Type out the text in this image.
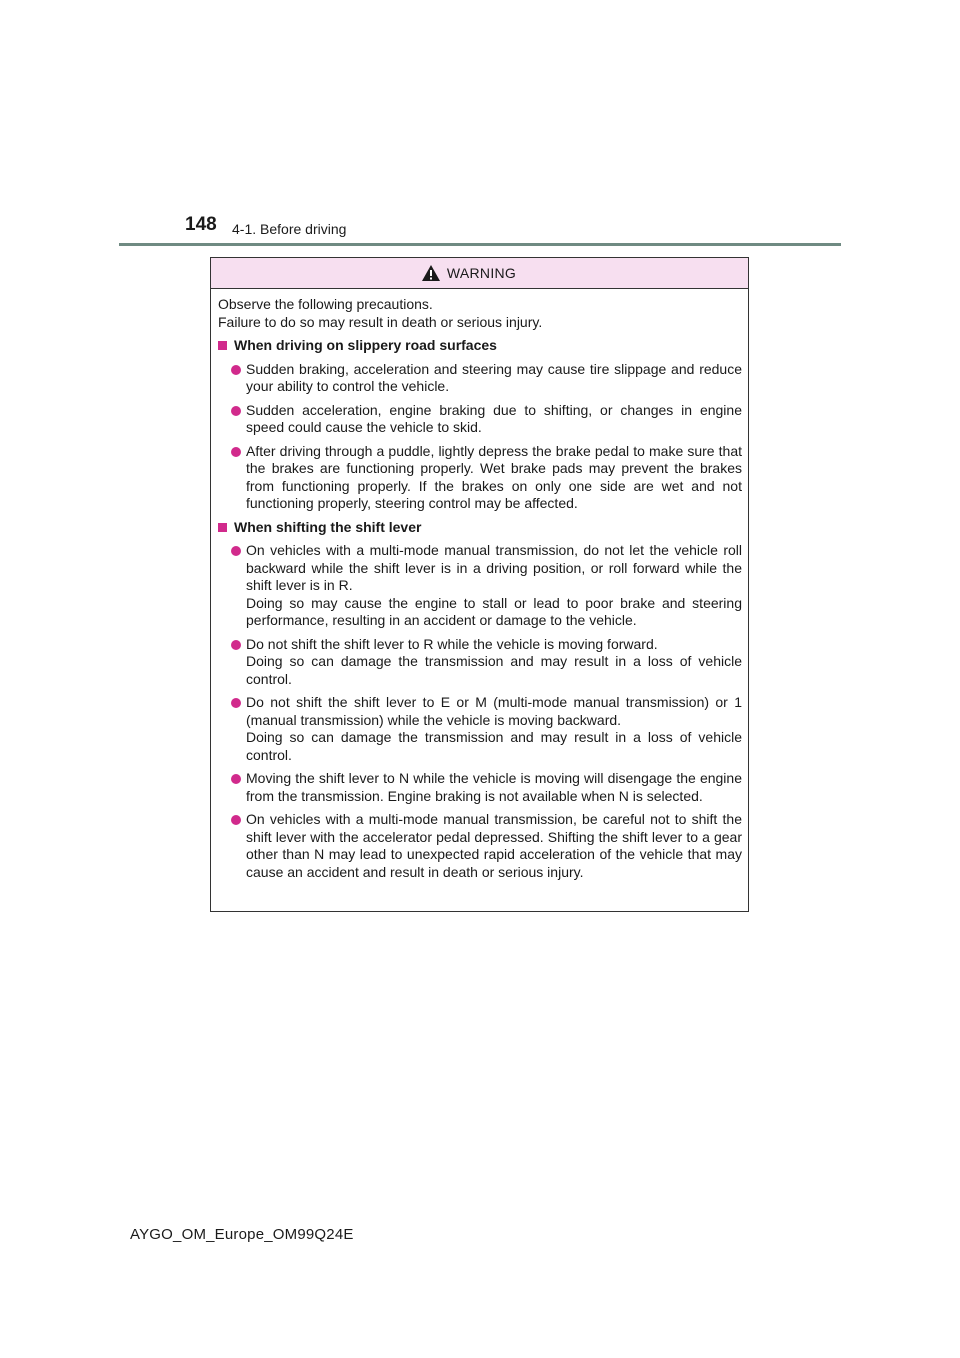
148 4-1. Before driving
WARNING

Observe the following precautions.

Failure to do so may result in death or serious injury.

When driving on slippery road surfaces

Sudden braking, acceleration and steering may cause tire slippage and reduce your ability to control the vehicle.

Sudden acceleration, engine braking due to shifting, or changes in engine speed could cause the vehicle to skid.

After driving through a puddle, lightly depress the brake pedal to make sure that the brakes are functioning properly. Wet brake pads may prevent the brakes from functioning properly. If the brakes on only one side are wet and not functioning properly, steering control may be affected.

When shifting the shift lever

On vehicles with a multi-mode manual transmission, do not let the vehicle roll backward while the shift lever is in a driving position, or roll forward while the shift lever is in R.

Doing so may cause the engine to stall or lead to poor brake and steering performance, resulting in an accident or damage to the vehicle.

Do not shift the shift lever to R while the vehicle is moving forward.

Doing so can damage the transmission and may result in a loss of vehicle control.

Do not shift the shift lever to E or M (multi-mode manual transmission) or 1 (manual transmission) while the vehicle is moving backward.

Doing so can damage the transmission and may result in a loss of vehicle control.

Moving the shift lever to N while the vehicle is moving will disengage the engine from the transmission. Engine braking is not available when N is selected.

On vehicles with a multi-mode manual transmission, be careful not to shift the shift lever with the accelerator pedal depressed. Shifting the shift lever to a gear other than N may lead to unexpected rapid acceleration of the vehicle that may cause an accident and result in death or serious injury.

AYGO_OM_Europe_OM99Q24E
